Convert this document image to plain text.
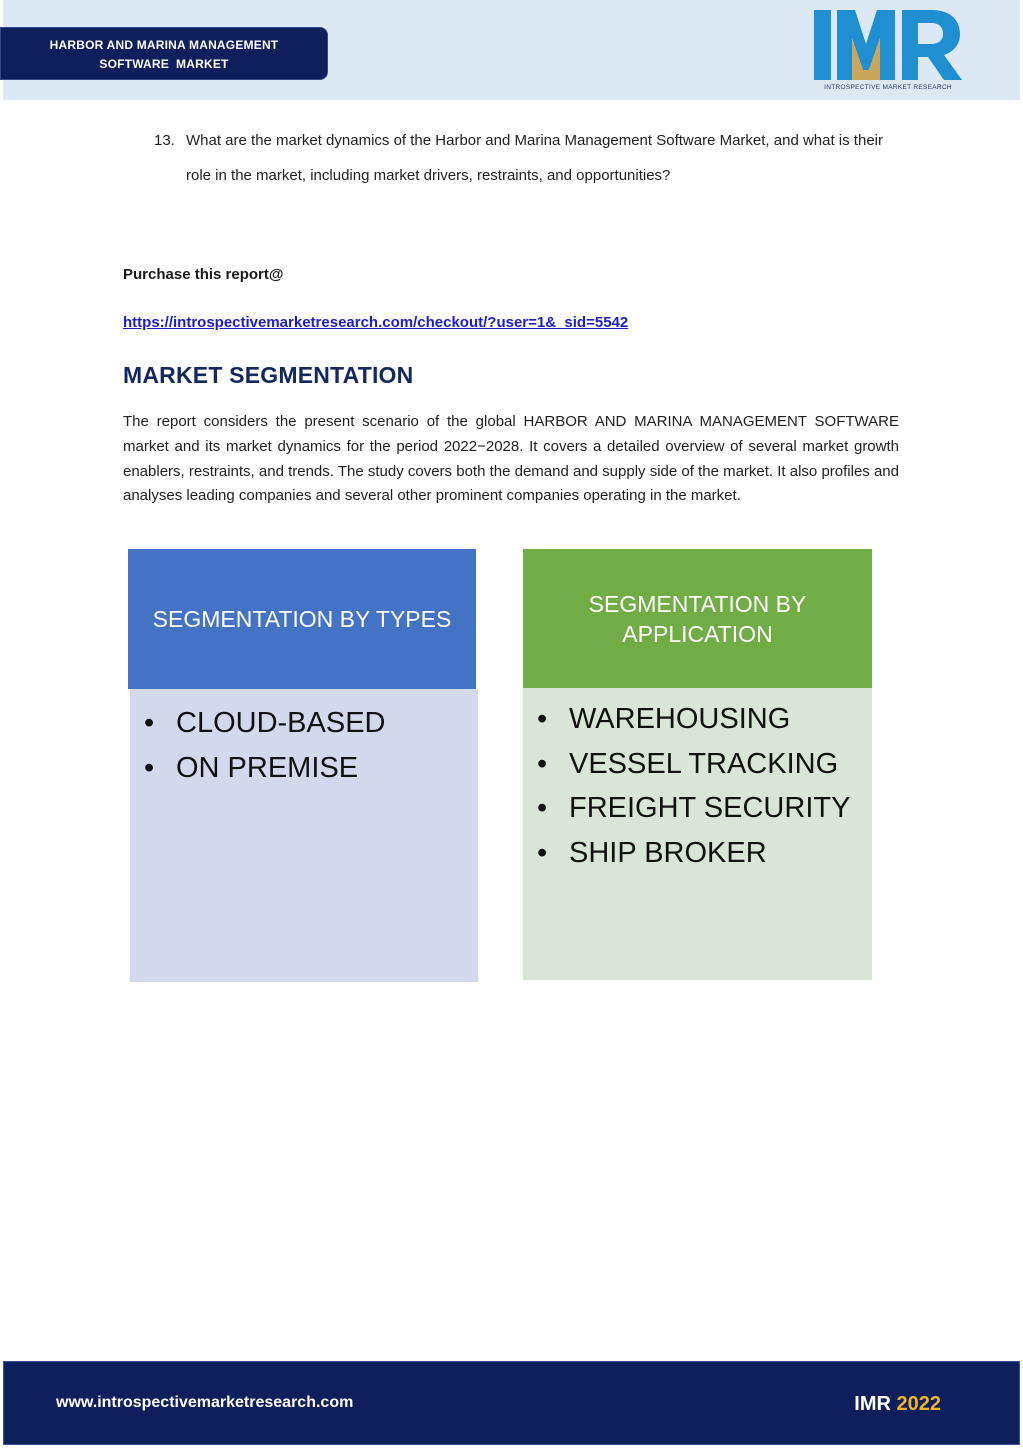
HARBOR AND MARINA MANAGEMENT
SOFTWARE  MARKET
INTROSPECTIVE MARKET RESEARCH
13. What are the market dynamics of the Harbor and Marina Management Software Market, and what is their role in the market, including market drivers, restraints, and opportunities?
Purchase this report@
https://introspectivemarketresearch.com/checkout/?user=1&_sid=5542
MARKET SEGMENTATION

The report considers the present scenario of the global HARBOR AND MARINA MANAGEMENT SOFTWARE market and its market dynamics for the period 2022−2028. It covers a detailed overview of several market growth enablers, restraints, and trends. The study covers both the demand and supply side of the market. It also profiles and analyses leading companies and several other prominent companies operating in the market.

SEGMENTATION BY TYPES
• CLOUD-BASED
• ON PREMISE
SEGMENTATION BY APPLICATION
• WAREHOUSING
• VESSEL TRACKING
• FREIGHT SECURITY
• SHIP BROKER
www.introspectivemarketresearch.com	IMR 2022
